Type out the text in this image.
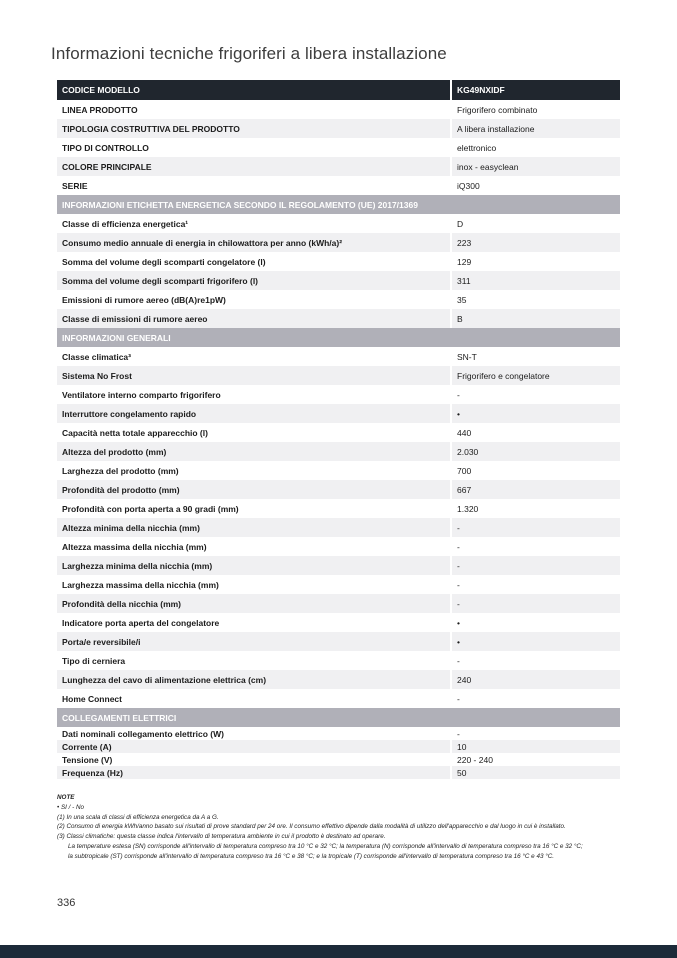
Informazioni tecniche frigoriferi a libera installazione
CODICE MODELLO	KG49NXIDF
LINEA PRODOTTO	Frigorifero combinato
TIPOLOGIA COSTRUTTIVA DEL PRODOTTO	A libera installazione
TIPO DI CONTROLLO	elettronico
COLORE PRINCIPALE	inox - easyclean
SERIE	iQ300
INFORMAZIONI ETICHETTA ENERGETICA SECONDO IL REGOLAMENTO (UE) 2017/1369
Classe di efficienza energetica¹	D
Consumo medio annuale di energia in chilowattora per anno (kWh/a)²	223
Somma del volume degli scomparti congelatore (l)	129
Somma del volume degli scomparti frigorifero (l)	311
Emissioni di rumore aereo (dB(A)re1pW)	35
Classe di emissioni di rumore aereo	B
INFORMAZIONI GENERALI
Classe climatica³	SN-T
Sistema No Frost	Frigorifero e congelatore
Ventilatore interno comparto frigorifero	-
Interruttore congelamento rapido	•
Capacità netta totale apparecchio (l)	440
Altezza del prodotto (mm)	2.030
Larghezza del prodotto (mm)	700
Profondità del prodotto (mm)	667
Profondità con porta aperta a 90 gradi (mm)	1.320
Altezza minima della nicchia (mm)	-
Altezza massima della nicchia (mm)	-
Larghezza minima della nicchia (mm)	-
Larghezza massima della nicchia (mm)	-
Profondità della nicchia (mm)	-
Indicatore porta aperta del congelatore	•
Porta/e reversibile/i	•
Tipo di cerniera	-
Lunghezza del cavo di alimentazione elettrica (cm)	240
Home Connect	-
COLLEGAMENTI ELETTRICI
Dati nominali collegamento elettrico (W)	-
Corrente (A)	10
Tensione (V)	220 - 240
Frequenza (Hz)	50
NOTE
• SI / - No
(1) In una scala di classi di efficienza energetica da A a G.
(2) Consumo di energia kWh/anno basato sui risultati di prove standard per 24 ore. Il consumo effettivo dipende dalla modalità di utilizzo dell'apparecchio e dal luogo in cui è installato.
(3) Classi climatiche: questa classe indica l'intervallo di temperatura ambiente in cui il prodotto è destinato ad operare.
La temperature estesa (SN) corrisponde all'intervallo di temperatura compreso tra 10 °C e 32 °C; la temperatura (N) corrisponde all'intervallo di temperatura compreso tra 16 °C e 32 °C;
la subtropicale (ST) corrisponde all'intervallo di temperatura compreso tra 16 °C e 38 °C; e la tropicale (T) corrisponde all'intervallo di temperatura compreso tra 16 °C e 43 °C.
336
